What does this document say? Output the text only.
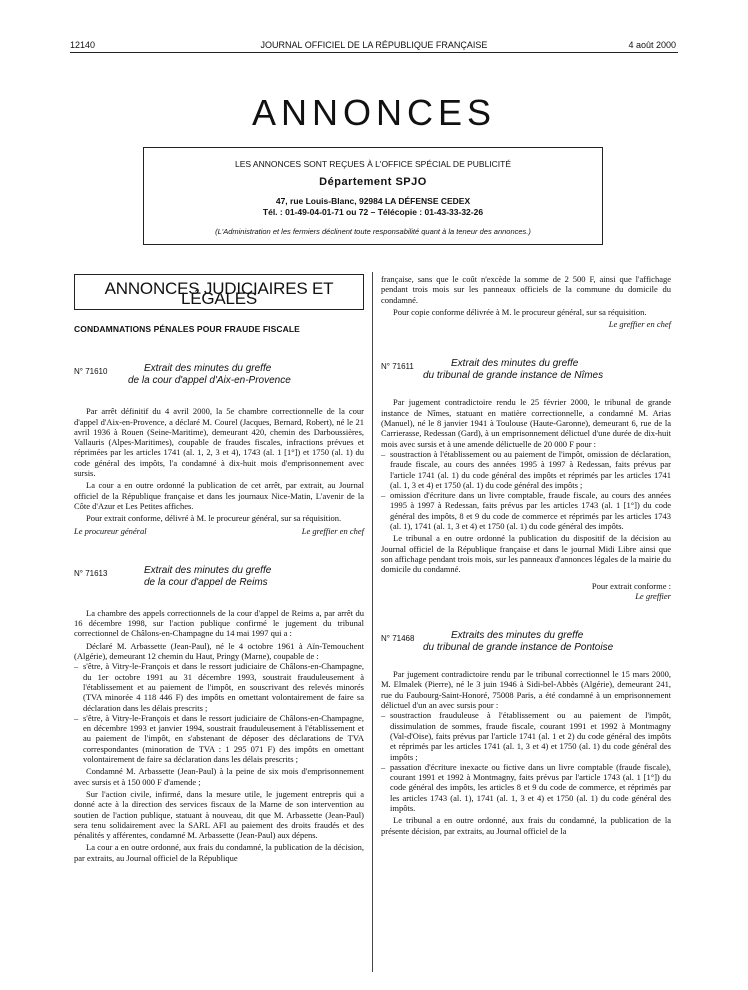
12140	JOURNAL OFFICIEL DE LA RÉPUBLIQUE FRANÇAISE	4 août 2000
ANNONCES
LES ANNONCES SONT REÇUES À L'OFFICE SPÉCIAL DE PUBLICITÉ
Département SPJO
47, rue Louis-Blanc, 92984 LA DÉFENSE CEDEX
Tél. : 01-49-04-01-71 ou 72 – Télécopie : 01-43-33-32-26
(L'Administration et les fermiers déclinent toute responsabilité quant à la teneur des annonces.)
ANNONCES JUDICIAIRES ET LÉGALES
CONDAMNATIONS PÉNALES POUR FRAUDE FISCALE
N° 71610	Extrait des minutes du greffe
de la cour d'appel d'Aix-en-Provence

Par arrêt définitif du 4 avril 2000, la 5e chambre correctionnelle de la cour d'appel d'Aix-en-Provence, a déclaré M. Courel (Jacques, Bernard, Robert), né le 21 avril 1936 à Rouen (Seine-Maritime), demeurant 420, chemin des Darboussières, Vallauris (Alpes-Maritimes), coupable de fraudes fiscales, infractions prévues et réprimées par les articles 1741 (al. 1, 2, 3 et 4), 1743 (al. 1 [1°]) et 1750 (al. 1) du code général des impôts, l'a condamné à dix-huit mois d'emprisonnement avec sursis.

La cour a en outre ordonné la publication de cet arrêt, par extrait, au Journal officiel de la République française et dans les journaux Nice-Matin, L'avenir de la Côte d'Azur et Les Petites affiches.

Pour extrait conforme, délivré à M. le procureur général, sur sa réquisition.

Le procureur général	Le greffier en chef
N° 71613	Extrait des minutes du greffe
de la cour d'appel de Reims

La chambre des appels correctionnels de la cour d'appel de Reims a, par arrêt du 16 décembre 1998, sur l'action publique confirmé le jugement du tribunal correctionnel de Châlons-en-Champagne du 14 mai 1997 qui a :

Déclaré M. Arbassette (Jean-Paul), né le 4 octobre 1961 à Aïn-Temouchent (Algérie), demeurant 12 chemin du Haut, Pringy (Marne), coupable de :

– s'être, à Vitry-le-François et dans le ressort judiciaire de Châlons-en-Champagne, du 1er octobre 1991 au 31 décembre 1993, soustrait frauduleusement à l'établissement et au paiement de l'impôt, en souscrivant des relevés minorés (TVA minorée 4 118 446 F) des impôts en omettant volontairement de faire sa déclaration dans les délais prescrits ;
– s'être, à Vitry-le-François et dans le ressort judiciaire de Châlons-en-Champagne, en décembre 1993 et janvier 1994, soustrait frauduleusement à l'établissement et au paiement de l'impôt, en s'abstenant de déposer des déclarations de TVA correspondantes (minoration de TVA : 1 295 071 F) des impôts en omettant volontairement de faire sa déclaration dans les délais prescrits ;

Condamné M. Arbassette (Jean-Paul) à la peine de six mois d'emprisonnement avec sursis et à 150 000 F d'amende ;

Sur l'action civile, infirmé, dans la mesure utile, le jugement entrepris qui a donné acte à la direction des services fiscaux de la Marne de son intervention au soutien de l'action publique, statuant à nouveau, dit que M. Arbassette (Jean-Paul) sera tenu solidairement avec la SARL AFI au paiement des droits fraudés et des pénalités y afférentes, condamné M. Arbassette (Jean-Paul) aux dépens.

La cour a en outre ordonné, aux frais du condamné, la publication de la décision, par extraits, au Journal officiel de la République

française, sans que le coût n'excède la somme de 2 500 F, ainsi que l'affichage pendant trois mois sur les panneaux officiels de la commune du domicile du condamné.

Pour copie conforme délivrée à M. le procureur général, sur sa réquisition.

Le greffier en chef

N° 71611	Extrait des minutes du greffe
du tribunal de grande instance de Nîmes

Par jugement contradictoire rendu le 25 février 2000, le tribunal de grande instance de Nîmes, statuant en matière correctionnelle, a condamné M. Arias (Manuel), né le 8 janvier 1941 à Toulouse (Haute-Garonne), demeurant 6, rue de la Carrierasse, Redessan (Gard), à un emprisonnement délictuel d'une durée de dix-huit mois avec sursis et à une amende délictuelle de 20 000 F pour :

– soustraction à l'établissement ou au paiement de l'impôt, omission de déclaration, fraude fiscale, au cours des années 1995 à 1997 à Redessan, faits prévus par l'article 1741 (al. 1) du code général des impôts et réprimés par les articles 1741 (al. 1, 3 et 4) et 1750 (al. 1) du code général des impôts ;
– omission d'écriture dans un livre comptable, fraude fiscale, au cours des années 1995 à 1997 à Redessan, faits prévus par les articles 1743 (al. 1 [1°]) du code général des impôts, 8 et 9 du code de commerce et réprimés par les articles 1743 (al. 1), 1741 (al. 1, 3 et 4) et 1750 (al. 1) du code général des impôts.

Le tribunal a en outre ordonné la publication du dispositif de la décision au Journal officiel de la République française et dans le journal Midi Libre ainsi que son affichage pendant trois mois, sur les panneaux d'annonces légales de la mairie du domicile du condamné.

Pour extrait conforme :

Le greffier

N° 71468	Extraits des minutes du greffe
du tribunal de grande instance de Pontoise

Par jugement contradictoire rendu par le tribunal correctionnel le 15 mars 2000, M. Elmalek (Pierre), né le 3 juin 1946 à Sidi-bel-Abbès (Algérie), demeurant 241, rue du Faubourg-Saint-Honoré, 75008 Paris, a été condamné à un emprisonnement délictuel d'un an avec sursis pour :

– soustraction frauduleuse à l'établissement ou au paiement de l'impôt, dissimulation de sommes, fraude fiscale, courant 1991 et 1992 à Montmagny (Val-d'Oise), faits prévus par l'article 1741 (al. 1 et 2) du code général des impôts et réprimés par les articles 1741 (al. 1, 3 et 4) et 1750 (al. 1) du code général des impôts ;
– passation d'écriture inexacte ou fictive dans un livre comptable (fraude fiscale), courant 1991 et 1992 à Montmagny, faits prévus par l'article 1743 (al. 1 [1°]) du code général des impôts, les articles 8 et 9 du code de commerce, et réprimés par les articles 1743 (al. 1), 1741 (al. 1, 3 et 4) et 1750 (al. 1) du code général des impôts.

Le tribunal a en outre ordonné, aux frais du condamné, la publication de la présente décision, par extraits, au Journal officiel de la
